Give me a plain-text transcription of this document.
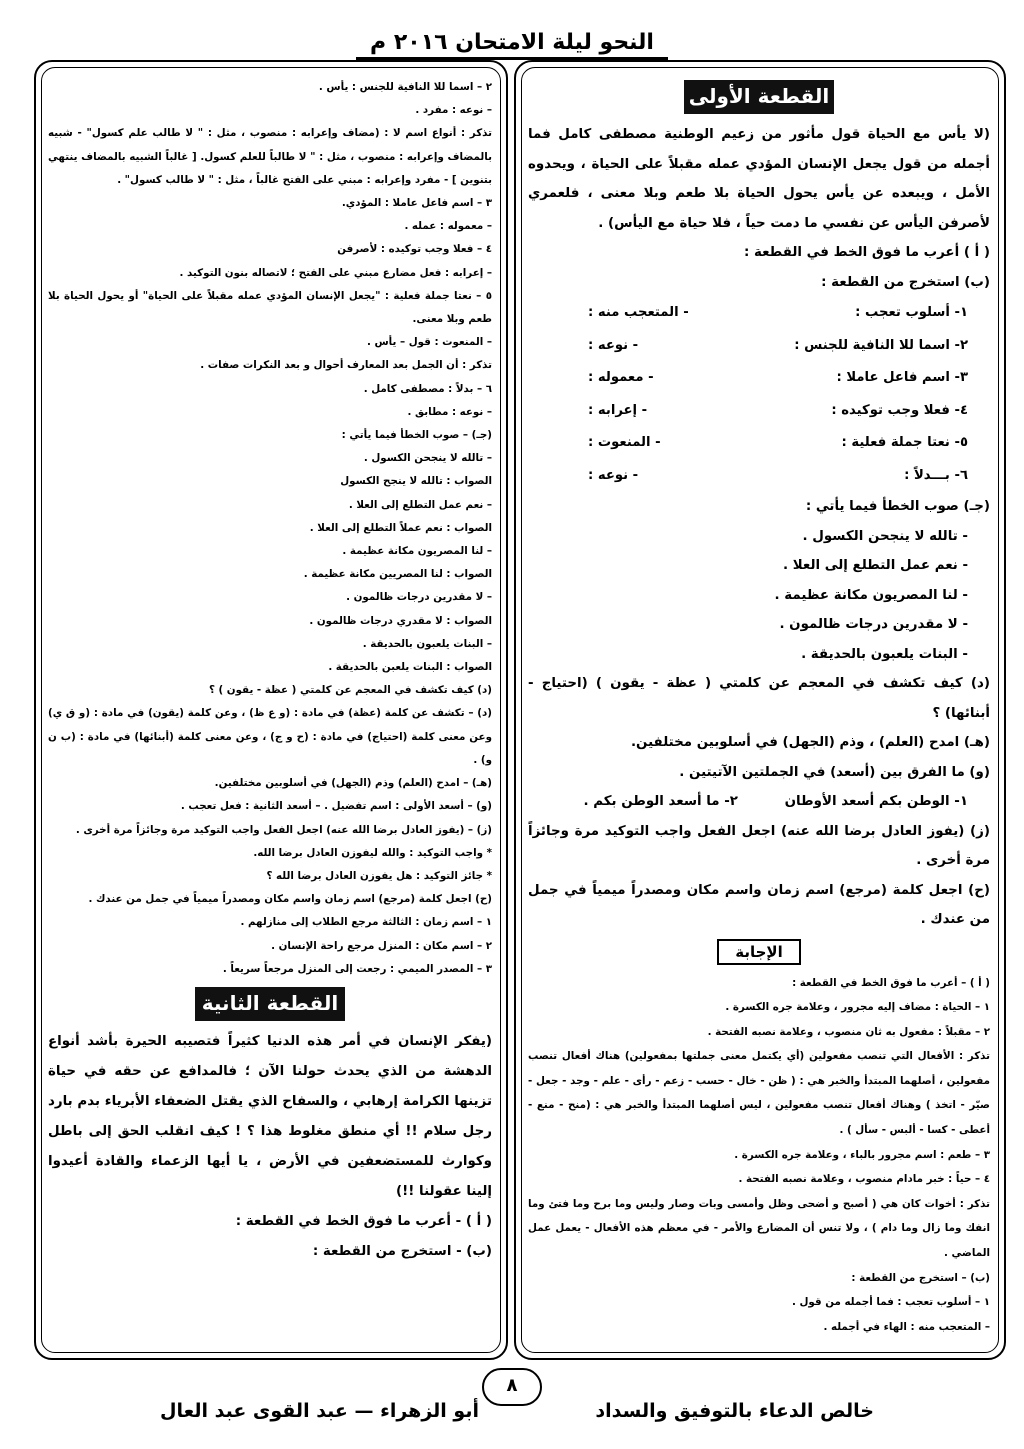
النحو ليلة الامتحان ٢٠١٦ م
القطعة الأولى

(لا يأس مع الحياة قول مأثور من زعيم الوطنية مصطفى كامل فما أجمله من قول يجعل الإنسان المؤدي عمله مقبلاً على الحياة ، ويحدوه الأمل ، ويبعده عن يأس يحول الحياة بلا طعم وبلا معنى ، فلعمري لأصرفن اليأس عن نفسي ما دمت حياً ، فلا حياة مع اليأس) .

( أ ) أعرب ما فوق الخط في القطعة :

(ب) استخرج من القطعة :

١- أسلوب تعجب :
- المتعجب منه :
٢- اسما للا النافية للجنس :
- نوعه :
٣- اسم فاعل عاملا :
- معموله :
٤- فعلا وجب توكيده :
- إعرابه :
٥- نعتا جملة فعلية :
- المنعوت :
٦- بـــدلاً :
- نوعه :

(جـ) صوب الخطأ فيما يأتي :

- تالله لا ينجحن الكسول .

- نعم عمل التطلع إلى العلا .

- لنا المصريون مكانة عظيمة .

- لا مقدرين درجات ظالمون .

- البنات يلعبون بالحديقة .

(د) كيف تكشف في المعجم عن كلمتي ( عظة - يقون ) (احتياج - أبنائها) ؟

(هـ) امدح (العلم) ، وذم (الجهل) في أسلوبين مختلفين.

(و) ما الفرق بين (أسعد) في الجملتين الآتيتين .

١- الوطن بكم أسعد الأوطان          ٢- ما أسعد الوطن بكم .

(ز) (يفوز العادل برضا الله عنه) اجعل الفعل واجب التوكيد مرة وجائزاً مرة أخرى .

(ح) اجعل كلمة (مرجع) اسم زمان واسم مكان ومصدراً ميمياً في جمل من عندك .

الإجابة

( أ ) – أعرب ما فوق الخط في القطعة :

١ – الحياة : مضاف إليه مجرور ، وعلامة جره الكسرة .

٢ – مقبلاً : مفعول به ثان منصوب ، وعلامة نصبه الفتحة .

تذكر : الأفعال التي تنصب مفعولين (أي يكتمل معنى جملتها بمفعولين) هناك أفعال تنصب مفعولين ، أصلهما المبتدأ والخبر هي : ( ظن - خال - حسب - زعم - رأى - علم - وجد - جعل - صيّر - اتخذ ) وهناك أفعال تنصب مفعولين ، ليس أصلهما المبتدأ والخبر هي : (منح - منع - أعطى - كسا - ألبس - سأل ) .

٣ – طعم : اسم مجرور بالباء ، وعلامة جره الكسرة .

٤ – حياً : خبر مادام منصوب ، وعلامة نصبه الفتحة .

تذكر : أخوات كان هي ( أصبح و أضحى وظل وأمسى وبات وصار وليس وما برح وما فتئ وما انفك وما زال وما دام ) ، ولا تنس أن المضارع والأمر - في معظم هذه الأفعال - يعمل عمل الماضي .

(ب) – استخرج من القطعة :

١ – أسلوب تعجب : فما أجمله من قول .

– المتعجب منه : الهاء في أجمله .

٢ – اسما للا النافية للجنس : يأس .

– نوعه : مفرد .

تذكر : أنواع اسم لا : (مضاف وإعرابه : منصوب ، مثل : " لا طالب علم كسول" - شبيه بالمضاف وإعرابه : منصوب ، مثل : " لا طالباً للعلم كسول. [ غالباً الشبيه بالمضاف ينتهي بتنوين ] - مفرد وإعرابه : مبني على الفتح غالباً ، مثل : " لا طالب كسول" .

٣ – اسم فاعل عاملا : المؤدي.

– معموله : عمله .

٤ – فعلا وجب توكيده : لأصرفن

– إعرابه : فعل مضارع مبني على الفتح ؛ لاتصاله بنون التوكيد .

٥ – نعتا جملة فعلية : "يجعل الإنسان المؤدي عمله مقبلاً على الحياة" أو يحول الحياة بلا طعم وبلا معنى.

– المنعوت : قول – يأس .

تذكر : أن الجمل بعد المعارف أحوال و بعد النكرات صفات .

٦ – بدلاً : مصطفى كامل .

– نوعه : مطابق .

(جـ) – صوب الخطأ فيما يأتي :

– تالله لا ينجحن الكسول .

الصواب : تالله لا ينجح الكسول

– نعم عمل التطلع إلى العلا .

الصواب : نعم عملاً التطلع إلى العلا .

– لنا المصريون مكانة عظيمة .

الصواب : لنا المصريين مكانة عظيمة .

– لا مقدرين درجات ظالمون .

الصواب : لا مقدري درجات ظالمون .

– البنات يلعبون بالحديقة .

الصواب : البنات يلعبن بالحديقة .

(د) كيف تكشف في المعجم عن كلمتي ( عظة - يقون ) ؟

(د) – تكشف عن كلمة (عظة) في مادة : (و ع ظ) ، وعن كلمة (يقون) في مادة : (و ق ي) وعن معنى كلمة (احتياج) في مادة : (ح و ج) ، وعن معنى كلمة (أبنائها) في مادة : (ب ن و) .

(هـ) – امدح (العلم) وذم (الجهل) في أسلوبين مختلفين.

(و) – أسعد الأولى : اسم تفضيل . – أسعد الثانية : فعل تعجب .

(ز) – (يفوز العادل برضا الله عنه) اجعل الفعل واجب التوكيد مرة وجائزاً مرة أخرى .

* واجب التوكيد : والله ليفوزن العادل برضا الله.

* جائز التوكيد : هل يفوزن العادل برضا الله ؟

(ح) اجعل كلمة (مرجع) اسم زمان واسم مكان ومصدراً ميمياً في جمل من عندك .

١ – اسم زمان : الثالثة مرجع الطلاب إلى منازلهم .

٢ – اسم مكان : المنزل مرجع راحة الإنسان .

٣ – المصدر الميمي : رجعت إلى المنزل مرجعاً سريعاً .

القطعة الثانية

(يفكر الإنسان في أمر هذه الدنيا كثيراً فتصيبه الحيرة بأشد أنواع الدهشة من الذي يحدث حولنا الآن ؛ فالمدافع عن حقه في حياة تزينها الكرامة إرهابي ، والسفاح الذي يقتل الضعفاء الأبرياء بدم بارد رجل سلام !! أي منطق مغلوط هذا ؟ ! كيف انقلب الحق إلى باطل وكوارث للمستضعفين في الأرض ، يا أيها الزعماء والقادة أعيدوا إلينا عقولنا !!)

( أ ) - أعرب ما فوق الخط في القطعة :

(ب) - استخرج من القطعة :

٨
خالص الدعاء بالتوفيق والسداد
أبو الزهراء — عبد القوى عبد العال
